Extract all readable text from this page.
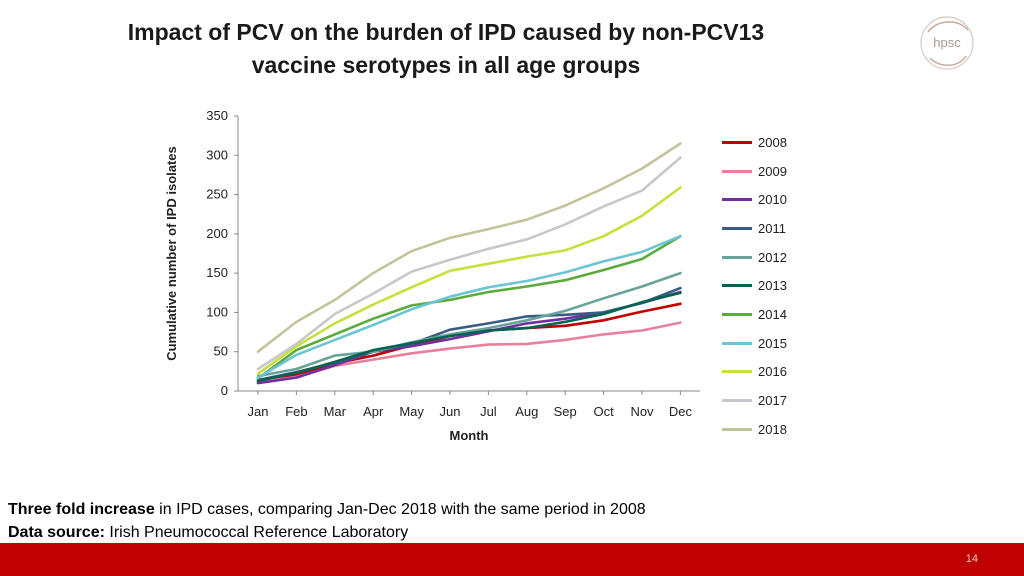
Impact of PCV on the burden of IPD caused by non-PCV13
vaccine serotypes in all age groups
hpsc
0
50
100
150
200
250
300
350
Jan Feb Mar Apr May Jun Jul Aug Sep Oct Nov Dec
Month
Cumulative number of IPD isolates
2008
2009
2010
2011
2012
2013
2014
2015
2016
2017
2018
Three fold increase in IPD cases, comparing Jan-Dec 2018 with the same period in 2008
Data source: Irish Pneumococcal Reference Laboratory
14
